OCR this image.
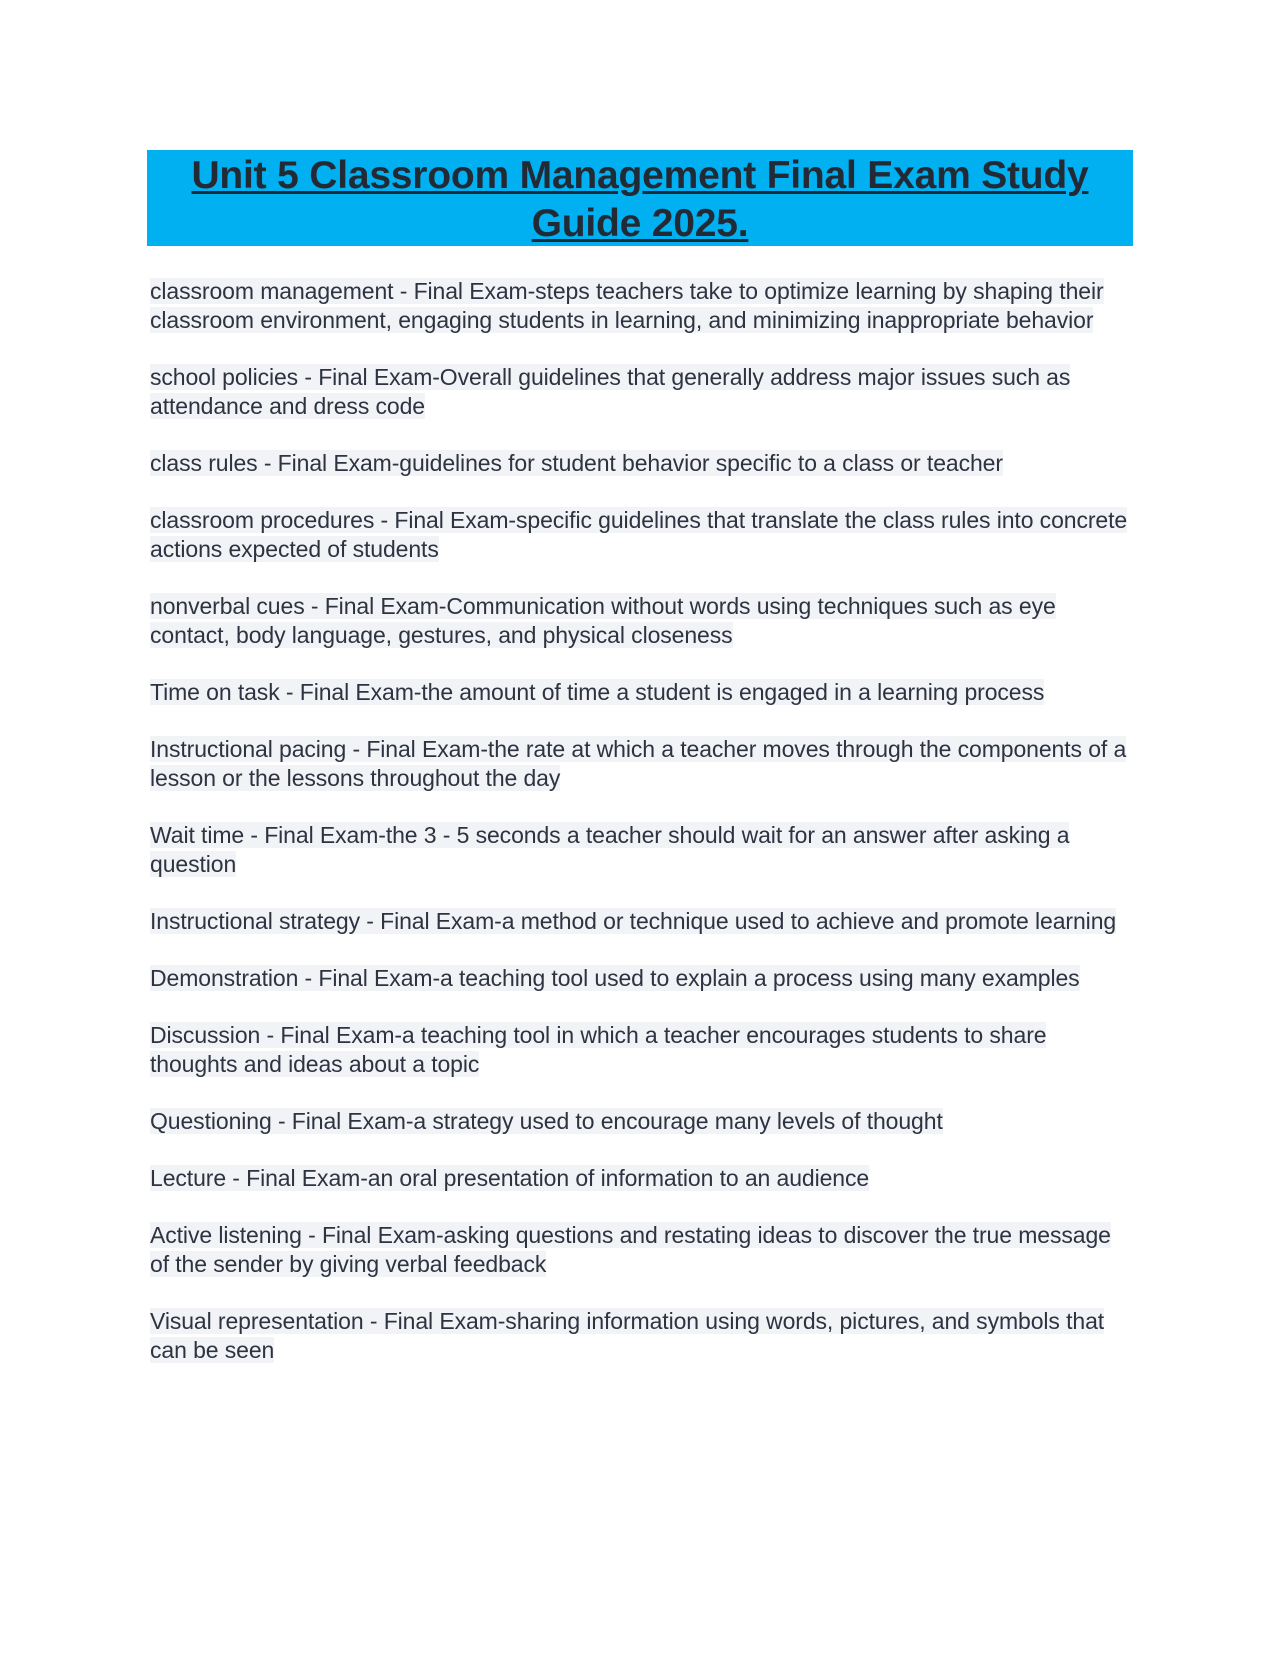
Unit 5 Classroom Management Final Exam Study
Guide 2025.

classroom management - Final Exam-steps teachers take to optimize learning by shaping their classroom environment, engaging students in learning, and minimizing inappropriate behavior

school policies - Final Exam-Overall guidelines that generally address major issues such as attendance and dress code

class rules - Final Exam-guidelines for student behavior specific to a class or teacher

classroom procedures - Final Exam-specific guidelines that translate the class rules into concrete actions expected of students

nonverbal cues - Final Exam-Communication without words using techniques such as eye contact, body language, gestures, and physical closeness

Time on task - Final Exam-the amount of time a student is engaged in a learning process

Instructional pacing - Final Exam-the rate at which a teacher moves through the components of a lesson or the lessons throughout the day

Wait time - Final Exam-the 3 - 5 seconds a teacher should wait for an answer after asking a question

Instructional strategy - Final Exam-a method or technique used to achieve and promote learning

Demonstration - Final Exam-a teaching tool used to explain a process using many examples

Discussion - Final Exam-a teaching tool in which a teacher encourages students to share thoughts and ideas about a topic

Questioning - Final Exam-a strategy used to encourage many levels of thought

Lecture - Final Exam-an oral presentation of information to an audience

Active listening - Final Exam-asking questions and restating ideas to discover the true message of the sender by giving verbal feedback

Visual representation - Final Exam-sharing information using words, pictures, and symbols that can be seen
